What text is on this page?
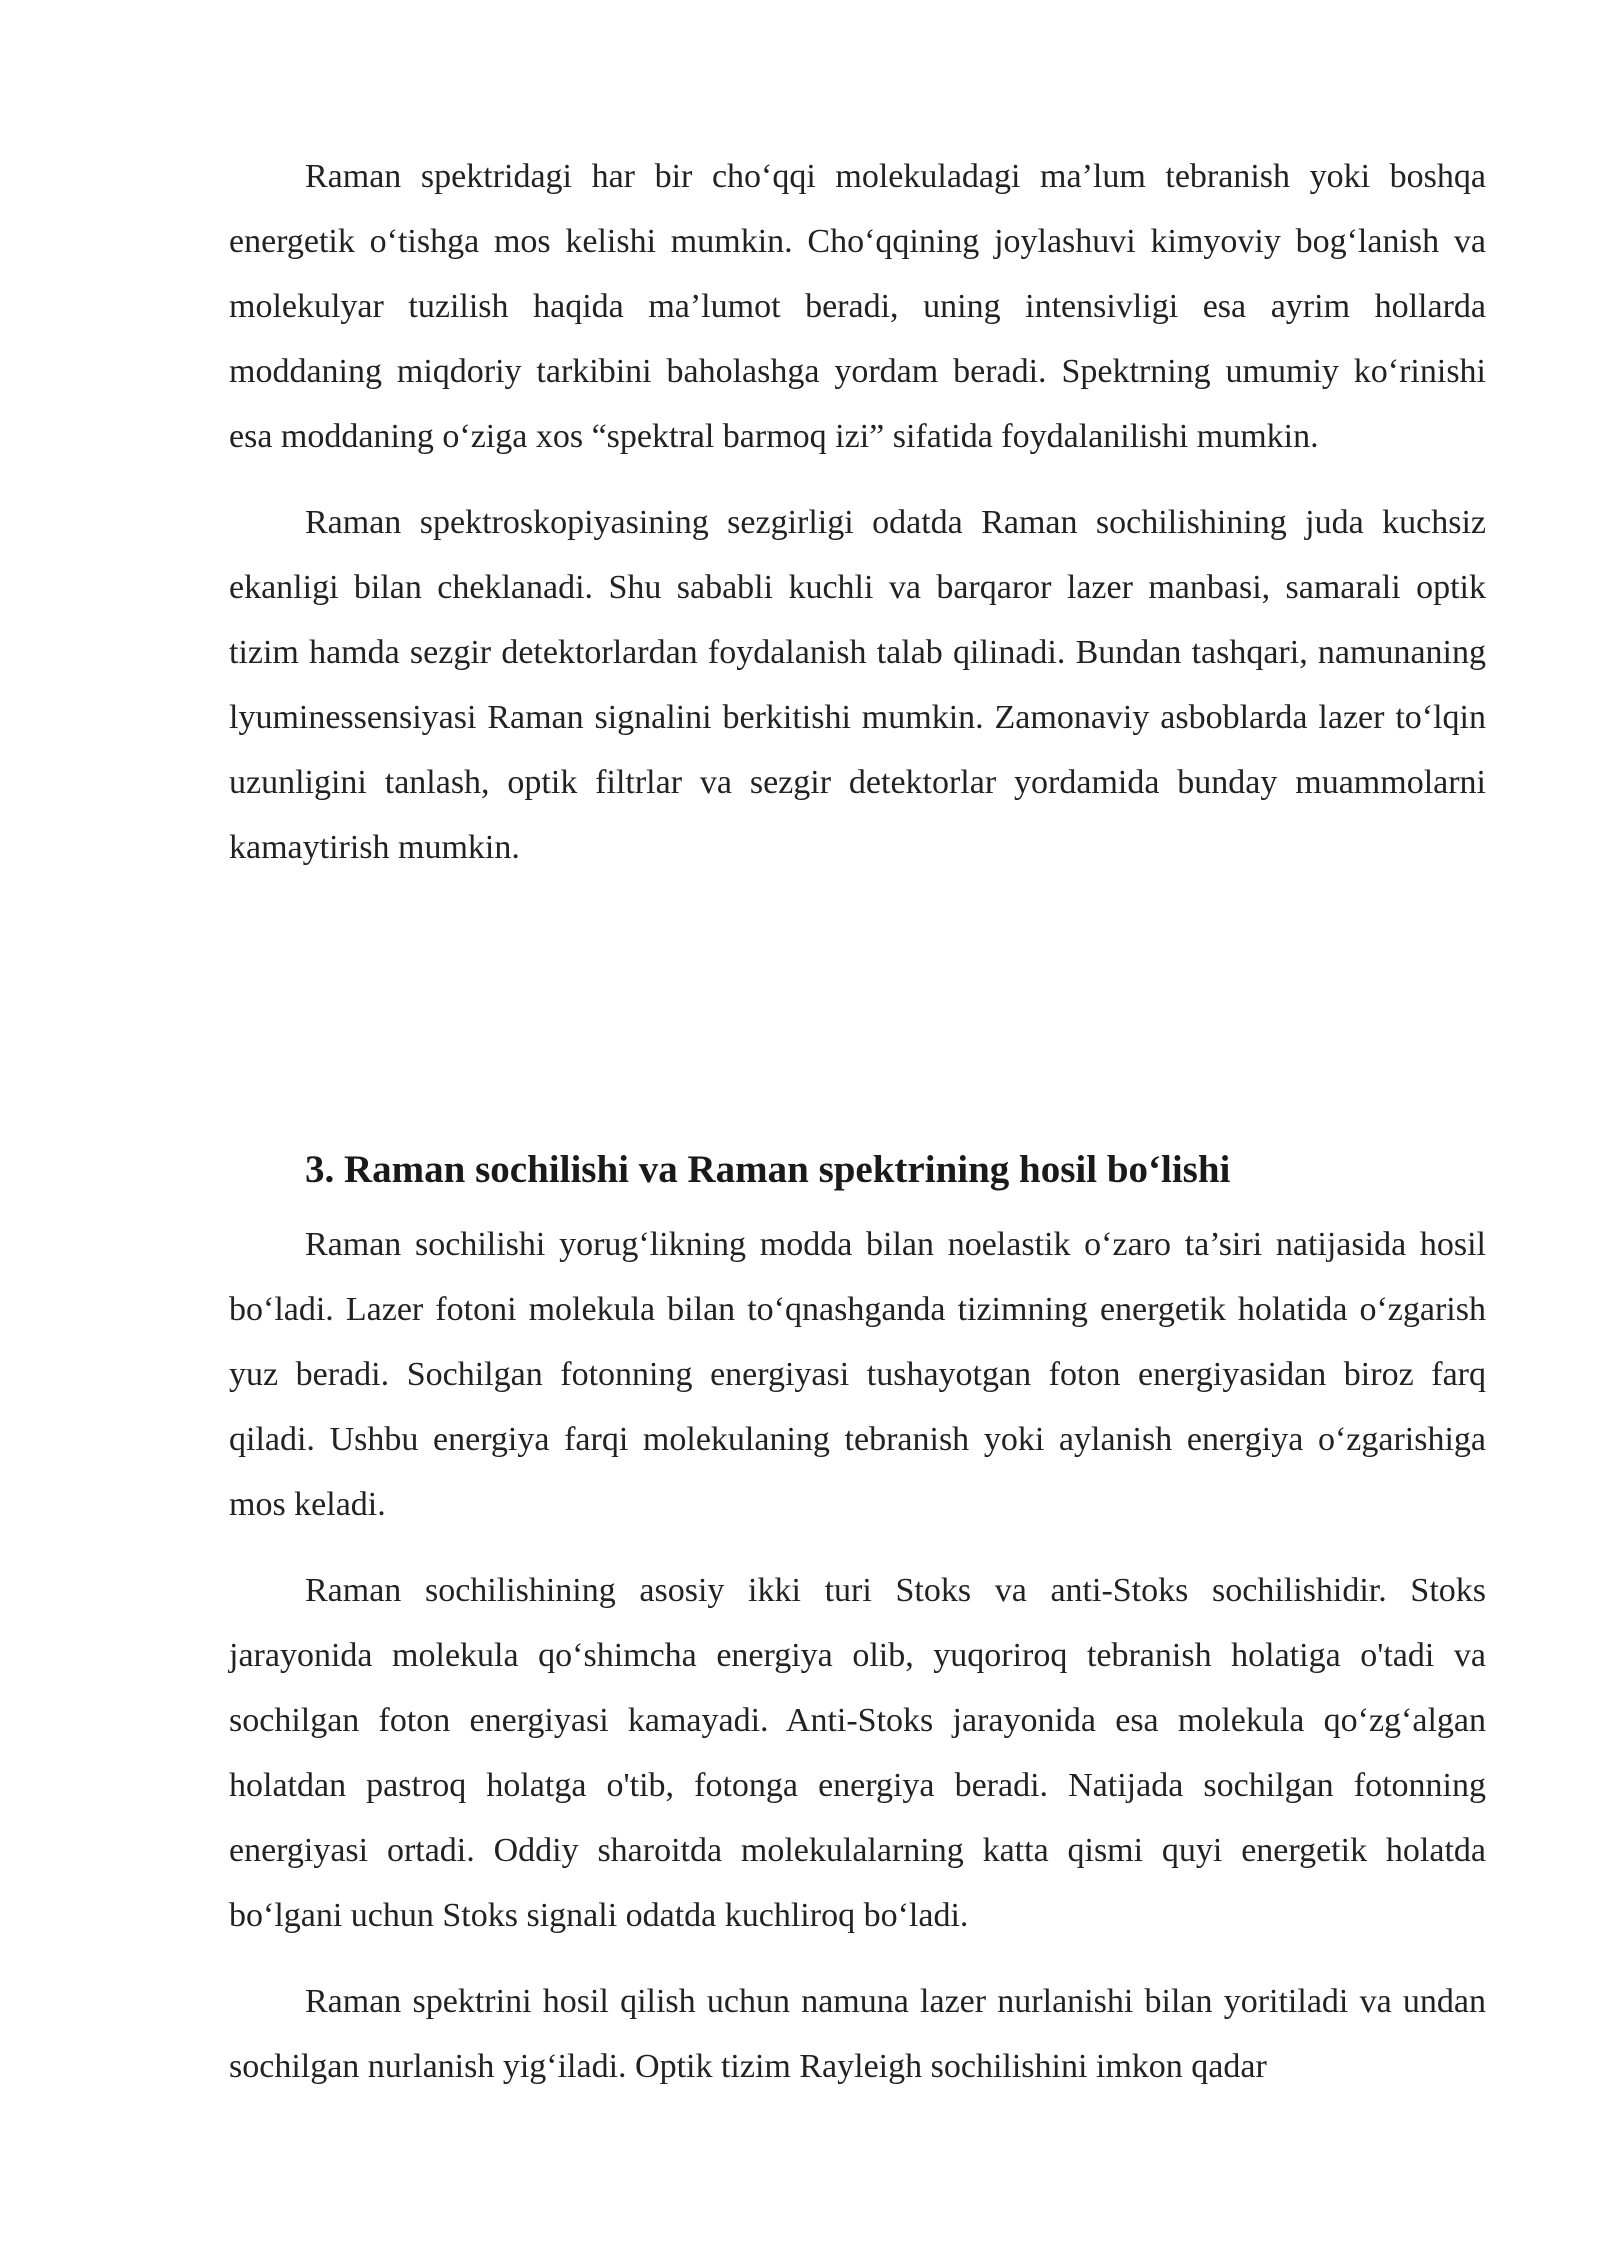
Raman spektridagi har bir cho‘qqi molekuladagi ma’lum tebranish yoki boshqa energetik o‘tishga mos kelishi mumkin. Cho‘qqining joylashuvi kimyoviy bog‘lanish va molekulyar tuzilish haqida ma’lumot beradi, uning intensivligi esa ayrim hollarda moddaning miqdoriy tarkibini baholashga yordam beradi. Spektrning umumiy ko‘rinishi esa moddaning o‘ziga xos “spektral barmoq izi” sifatida foydalanilishi mumkin.

Raman spektroskopiyasining sezgirligi odatda Raman sochilishining juda kuchsiz ekanligi bilan cheklanadi. Shu sababli kuchli va barqaror lazer manbasi, samarali optik tizim hamda sezgir detektorlardan foydalanish talab qilinadi. Bundan tashqari, namunaning lyuminessensiyasi Raman signalini berkitishi mumkin. Zamonaviy asboblarda lazer to‘lqin uzunligini tanlash, optik filtrlar va sezgir detektorlar yordamida bunday muammolarni kamaytirish mumkin.

3. Raman sochilishi va Raman spektrining hosil bo‘lishi

Raman sochilishi yorug‘likning modda bilan noelastik o‘zaro ta’siri natijasida hosil bo‘ladi. Lazer fotoni molekula bilan to‘qnashganda tizimning energetik holatida o‘zgarish yuz beradi. Sochilgan fotonning energiyasi tushayotgan foton energiyasidan biroz farq qiladi. Ushbu energiya farqi molekulaning tebranish yoki aylanish energiya o‘zgarishiga mos keladi.

Raman sochilishining asosiy ikki turi Stoks va anti-Stoks sochilishidir. Stoks jarayonida molekula qo‘shimcha energiya olib, yuqoriroq tebranish holatiga o'tadi va sochilgan foton energiyasi kamayadi. Anti-Stoks jarayonida esa molekula qo‘zg‘algan holatdan pastroq holatga o'tib, fotonga energiya beradi. Natijada sochilgan fotonning energiyasi ortadi. Oddiy sharoitda molekulalarning katta qismi quyi energetik holatda bo‘lgani uchun Stoks signali odatda kuchliroq bo‘ladi.

Raman spektrini hosil qilish uchun namuna lazer nurlanishi bilan yoritiladi va undan sochilgan nurlanish yig‘iladi. Optik tizim Rayleigh sochilishini imkon qadar
